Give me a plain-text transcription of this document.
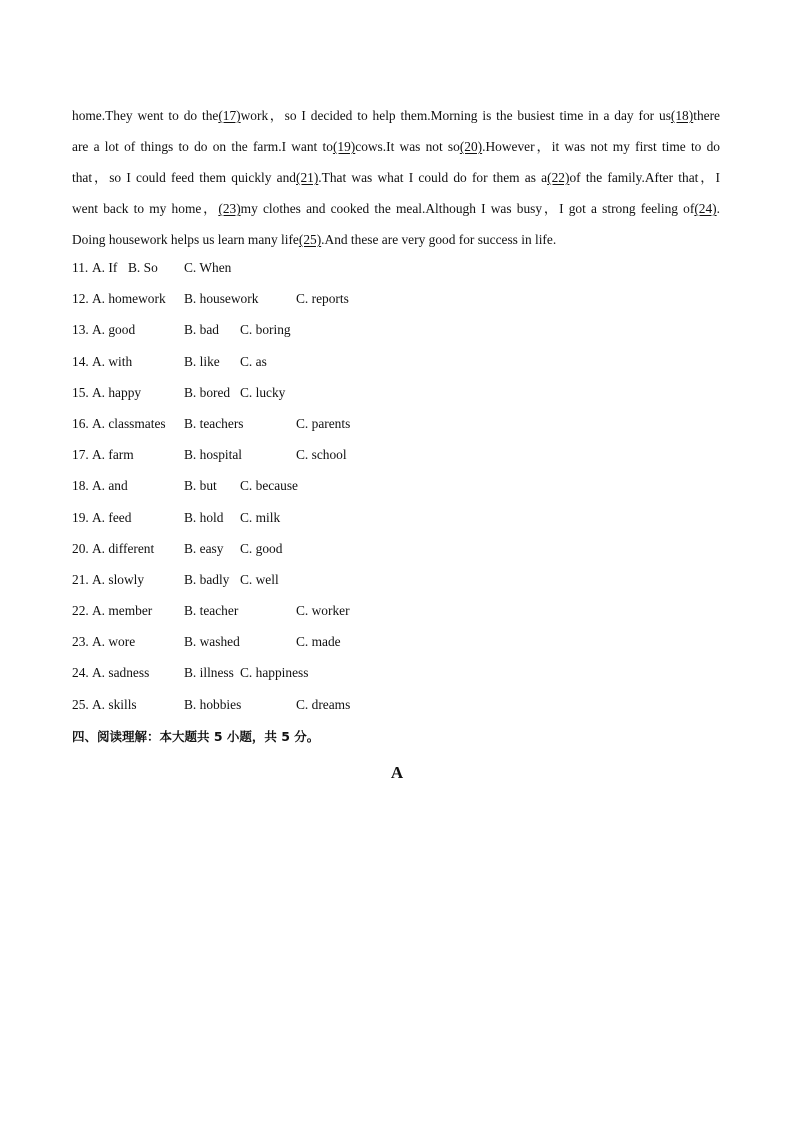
home.They went to do the(17)work，so I decided to help them.Morning is the busiest time in a day for us(18)there
are a lot of things to do on the farm.I want to(19)cows.It was not so(20).However，it was not my first time to do
that，so I could feed them quickly and(21).That was what I could do for them as a(22)of the family.After that，I
went back to my home，(23)my clothes and cooked the meal.Although I was busy，I got a strong feeling of(24).
Doing housework helps us learn many life(25).And these are very good for success in life.
11. A. If B. So C. When
12. A. homework B. housework	C. reports
13. A. good	B. bad C. boring
14. A. with	B. like C. as
15. A. happy	B. bored C. lucky
16. A. classmates B. teachers	C. parents
17. A. farm	B. hospital	C. school
18. A. and	B. but C. because
19. A. feed	B. hold C. milk
20. A. different B. easy C. good
21. A. slowly	B. badly C. well
22. A. member B. teacher	C. worker
23. A. wore	B. washed	C. made
24. A. sadness	B. illness C. happiness
25. A. skills	B. hobbies	C. dreams
四、阅读理解：本大题共 5 小题，共 5 分。
A
